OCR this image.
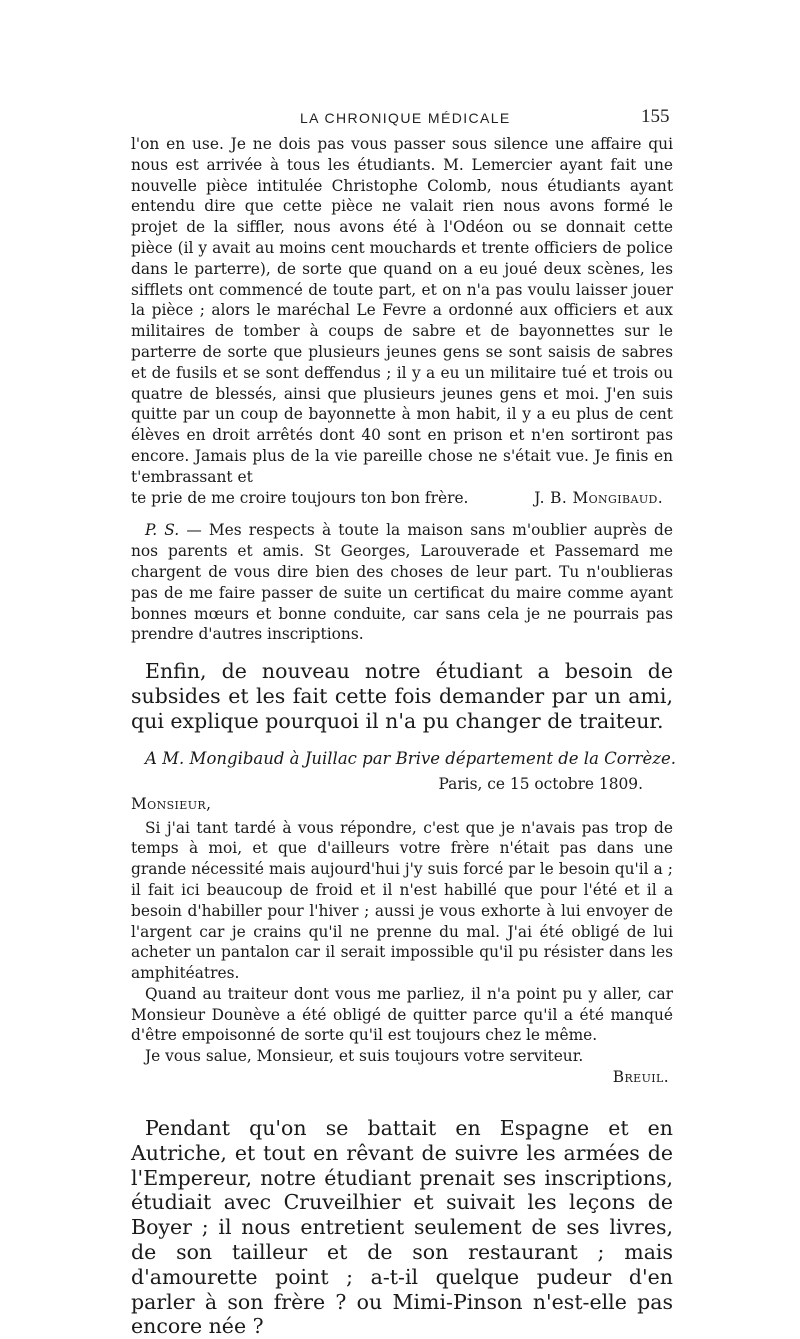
LA CHRONIQUE MÉDICALE	155

l'on en use. Je ne dois pas vous passer sous silence une affaire qui nous est arrivée à tous les étudiants. M. Lemercier ayant fait une nouvelle pièce intitulée Christophe Colomb, nous étudiants ayant entendu dire que cette pièce ne valait rien nous avons formé le projet de la siffler, nous avons été à l'Odéon ou se donnait cette pièce (il y avait au moins cent mouchards et trente officiers de police dans le parterre), de sorte que quand on a eu joué deux scènes, les sifflets ont commencé de toute part, et on n'a pas voulu laisser jouer la pièce ; alors le maréchal Le Fevre a ordonné aux officiers et aux militaires de tomber à coups de sabre et de bayonnettes sur le parterre de sorte que plusieurs jeunes gens se sont saisis de sabres et de fusils et se sont deffendus ; il y a eu un militaire tué et trois ou quatre de blessés, ainsi que plusieurs jeunes gens et moi. J'en suis quitte par un coup de bayonnette à mon habit, il y a eu plus de cent élèves en droit arrêtés dont 40 sont en prison et n'en sortiront pas encore. Jamais plus de la vie pareille chose ne s'était vue. Je finis en t'embrassant et

te prie de me croire toujours ton bon frère.	J. B. Mongibaud.

P. S. — Mes respects à toute la maison sans m'oublier auprès de nos parents et amis. St Georges, Larouverade et Passemard me chargent de vous dire bien des choses de leur part. Tu n'oublieras pas de me faire passer de suite un certificat du maire comme ayant bonnes mœurs et bonne conduite, car sans cela je ne pourrais pas prendre d'autres inscriptions.

Enfin, de nouveau notre étudiant a besoin de subsides et les fait cette fois demander par un ami, qui explique pourquoi il n'a pu changer de traiteur.

A M. Mongibaud à Juillac par Brive département de la Corrèze.

Paris, ce 15 octobre 1809.

Monsieur,

Si j'ai tant tardé à vous répondre, c'est que je n'avais pas trop de temps à moi, et que d'ailleurs votre frère n'était pas dans une grande nécessité mais aujourd'hui j'y suis forcé par le besoin qu'il a ; il fait ici beaucoup de froid et il n'est habillé que pour l'été et il a besoin d'habiller pour l'hiver ; aussi je vous exhorte à lui envoyer de l'argent car je crains qu'il ne prenne du mal. J'ai été obligé de lui acheter un pantalon car il serait impossible qu'il pu résister dans les amphitéatres.

Quand au traiteur dont vous me parliez, il n'a point pu y aller, car Monsieur Dounève a été obligé de quitter parce qu'il a été manqué d'être empoisonné de sorte qu'il est toujours chez le même.

Je vous salue, Monsieur, et suis toujours votre serviteur.

Breuil.

Pendant qu'on se battait en Espagne et en Autriche, et tout en rêvant de suivre les armées de l'Empereur, notre étudiant prenait ses inscriptions, étudiait avec Cruveilhier et suivait les leçons de Boyer ; il nous entretient seulement de ses livres, de son tailleur et de son restaurant ; mais d'amourette point ; a-t-il quelque pudeur d'en parler à son frère ? ou Mimi-Pinson n'est-elle pas encore née ?
